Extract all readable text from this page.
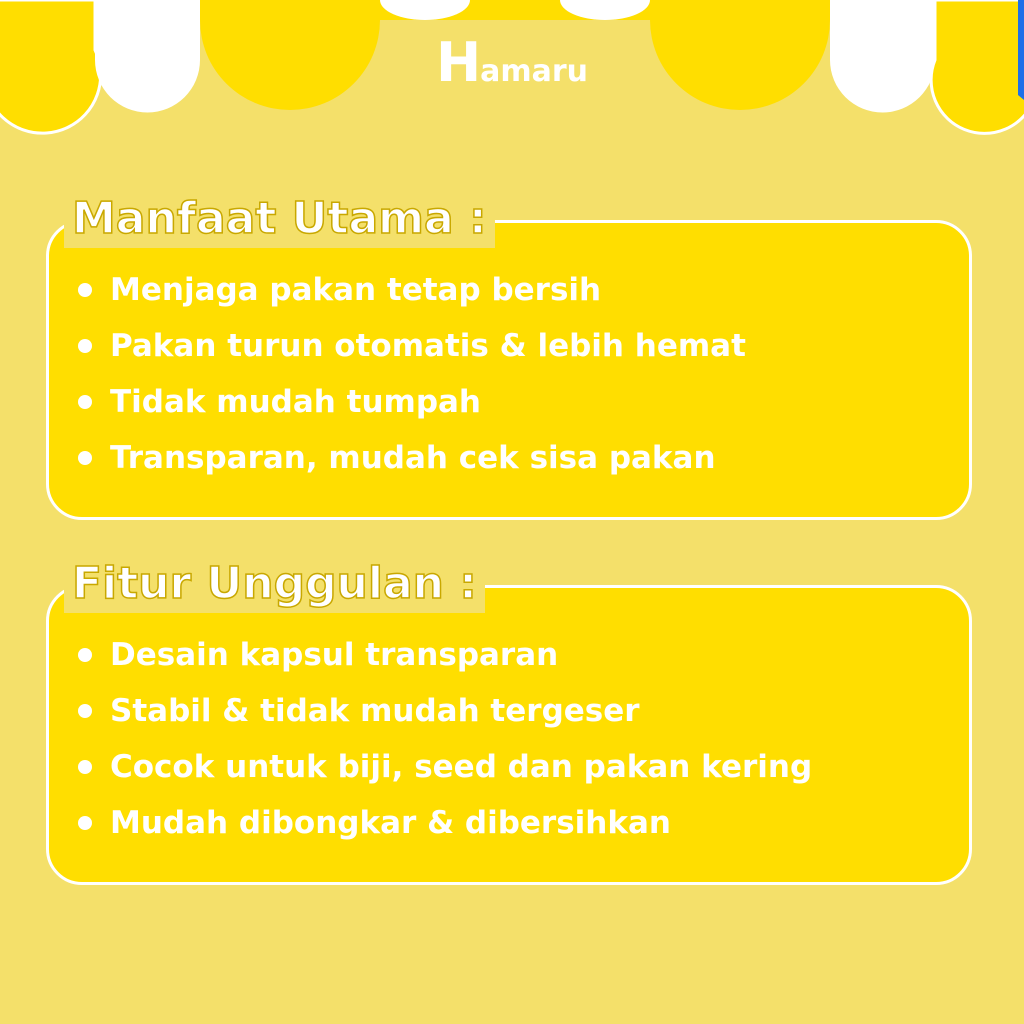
Hamaru
Manfaat Utama :
Menjaga pakan tetap bersih
Pakan turun otomatis & lebih hemat
Tidak mudah tumpah
Transparan, mudah cek sisa pakan
Fitur Unggulan :
Desain kapsul transparan
Stabil & tidak mudah tergeser
Cocok untuk biji, seed dan pakan kering
Mudah dibongkar & dibersihkan
